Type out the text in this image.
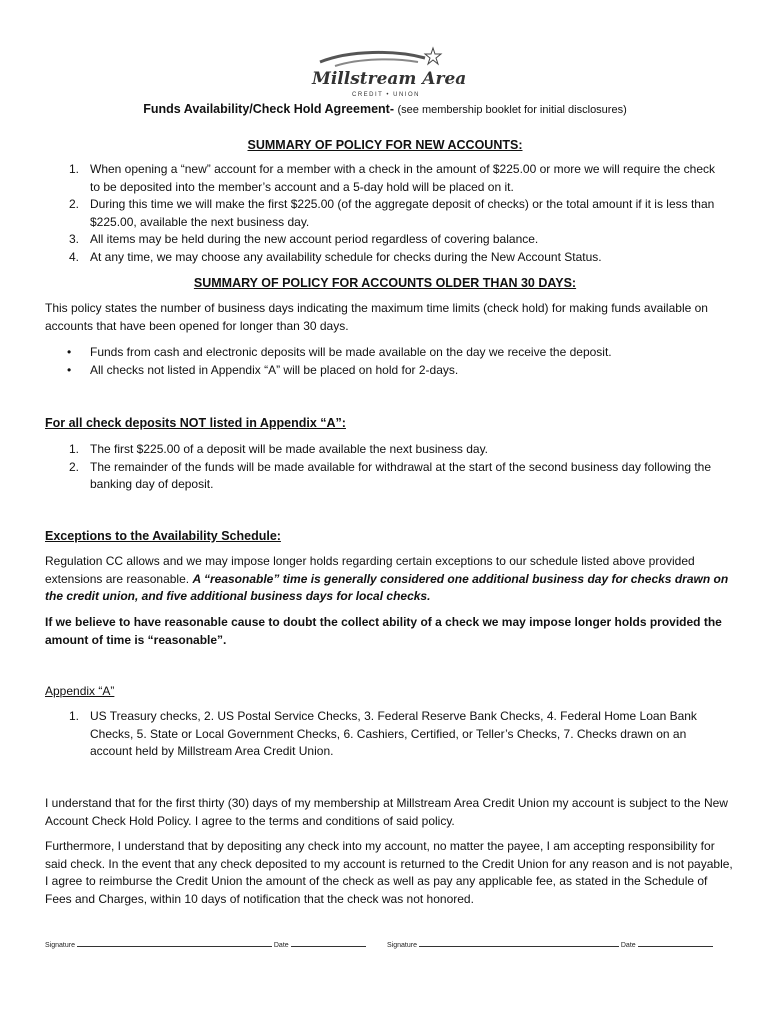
Millstream Area
CREDIT • UNION
Funds Availability/Check Hold Agreement- (see membership booklet for initial disclosures)
SUMMARY OF POLICY FOR NEW ACCOUNTS:
1. When opening a “new” account for a member with a check in the amount of $225.00 or more we will require the check to be deposited into the member’s account and a 5-day hold will be placed on it.
2. During this time we will make the first $225.00 (of the aggregate deposit of checks) or the total amount if it is less than $225.00, available the next business day.
3. All items may be held during the new account period regardless of covering balance.
4. At any time, we may choose any availability schedule for checks during the New Account Status.
SUMMARY OF POLICY FOR ACCOUNTS OLDER THAN 30 DAYS:
This policy states the number of business days indicating the maximum time limits (check hold) for making funds available on accounts that have been opened for longer than 30 days.
• Funds from cash and electronic deposits will be made available on the day we receive the deposit.
• All checks not listed in Appendix “A” will be placed on hold for 2-days.
For all check deposits NOT listed in Appendix “A”:
1. The first $225.00 of a deposit will be made available the next business day.
2. The remainder of the funds will be made available for withdrawal at the start of the second business day following the banking day of deposit.
Exceptions to the Availability Schedule:
Regulation CC allows and we may impose longer holds regarding certain exceptions to our schedule listed above provided extensions are reasonable. A “reasonable” time is generally considered one additional business day for checks drawn on the credit union, and five additional business days for local checks.
If we believe to have reasonable cause to doubt the collect ability of a check we may impose longer holds provided the amount of time is “reasonable”.
Appendix “A”
1. US Treasury checks, 2. US Postal Service Checks, 3. Federal Reserve Bank Checks, 4. Federal Home Loan Bank Checks, 5. State or Local Government Checks, 6. Cashiers, Certified, or Teller’s Checks, 7. Checks drawn on an account held by Millstream Area Credit Union.
I understand that for the first thirty (30) days of my membership at Millstream Area Credit Union my account is subject to the New Account Check Hold Policy. I agree to the terms and conditions of said policy.
Furthermore, I understand that by depositing any check into my account, no matter the payee, I am accepting responsibility for said check. In the event that any check deposited to my account is returned to the Credit Union for any reason and is not payable, I agree to reimburse the Credit Union the amount of the check as well as pay any applicable fee, as stated in the Schedule of Fees and Charges, within 10 days of notification that the check was not honored.
Signature	Date	Signature	Date
